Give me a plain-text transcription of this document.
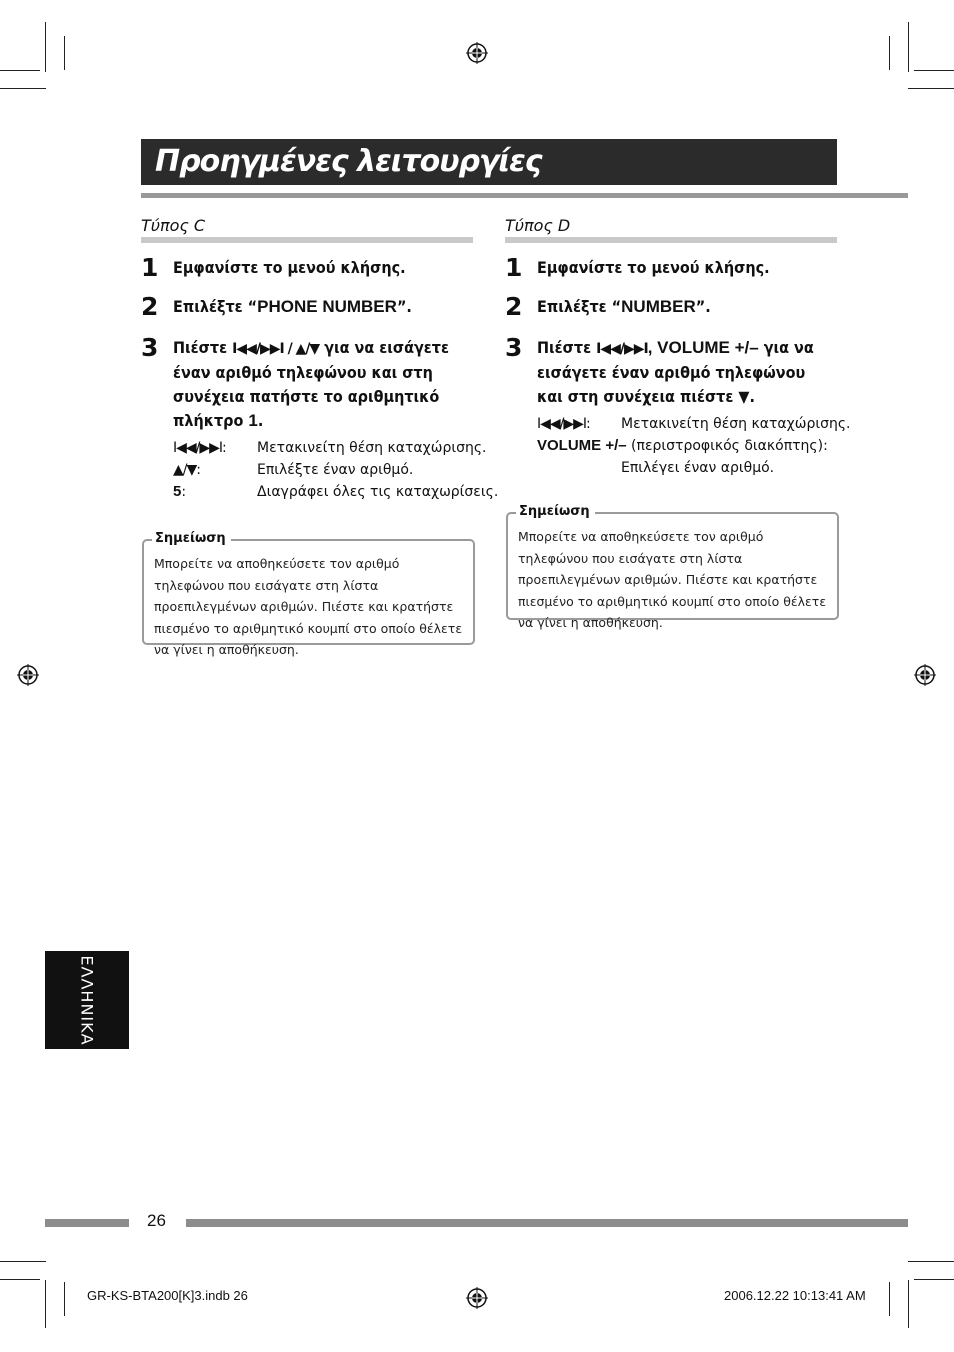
Προηγμένες λειτουργίες
Τύπος C
1 Εμφανίστε το μενού κλήσης.
2 Επιλέξτε “PHONE NUMBER”.
3 Πιέστε I◀◀/▶▶I / ▲/▼ για να εισάγετε έναν αριθμό τηλεφώνου και στη συνέχεια πατήστε το αριθμητικό πλήκτρο 1.
I◀◀/▶▶I: Μετακινείτη θέση καταχώρισης.
▲/▼:	Επιλέξτε έναν αριθμό.
5:	Διαγράφει όλες τις καταχωρίσεις.
Σημείωση
Μπορείτε να αποθηκεύσετε τον αριθμό τηλεφώνου που εισάγατε στη λίστα προεπιλεγμένων αριθμών. Πιέστε και κρατήστε πιεσμένο το αριθμητικό κουμπί στο οποίο θέλετε να γίνει η αποθήκευση.
Τύπος D
1 Εμφανίστε το μενού κλήσης.
2 Επιλέξτε “NUMBER”.
3 Πιέστε I◀◀/▶▶I, VOLUME +/– για να εισάγετε έναν αριθμό τηλεφώνου και στη συνέχεια πιέστε ▼.
I◀◀/▶▶I: Μετακινείτη θέση καταχώρισης.
VOLUME +/– (περιστροφικός διακόπτης):
Επιλέγει έναν αριθμό.
Σημείωση
Μπορείτε να αποθηκεύσετε τον αριθμό τηλεφώνου που εισάγατε στη λίστα προεπιλεγμένων αριθμών. Πιέστε και κρατήστε πιεσμένο το αριθμητικό κουμπί στο οποίο θέλετε να γίνει η αποθήκευση.
ΕΛΛΗΝΙΚΑ
26
GR-KS-BTA200[K]3.indb 26	2006.12.22 10:13:41 AM
